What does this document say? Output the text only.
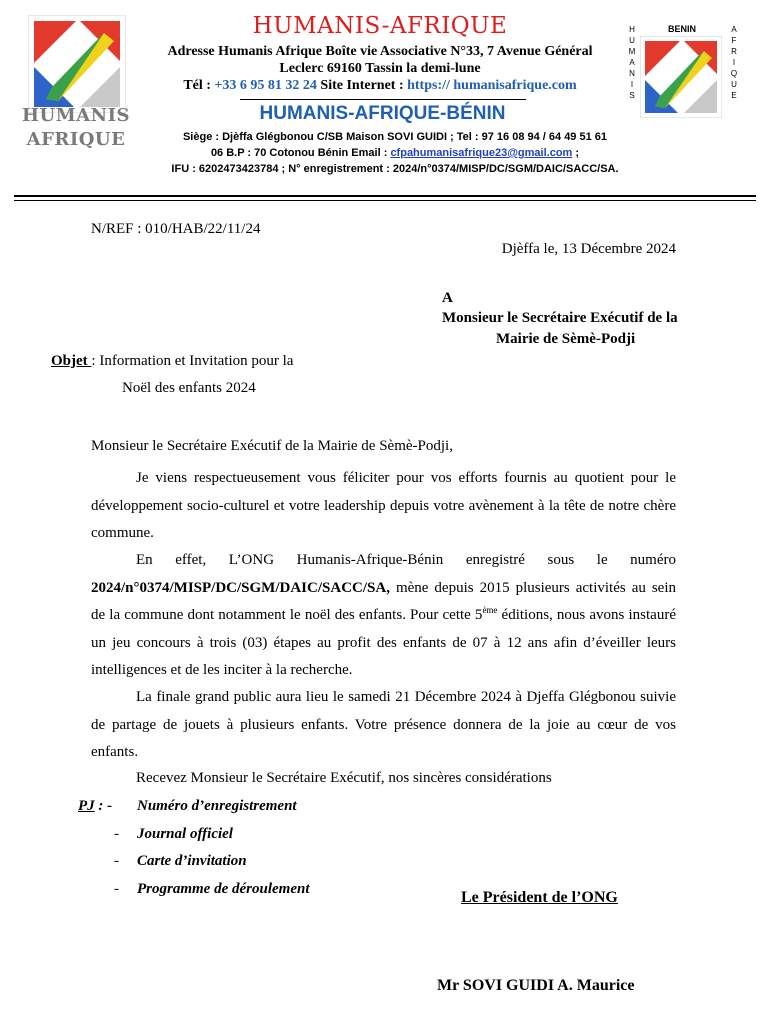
HUMANIS
AFRIQUE
HUMANIS-AFRIQUE
Adresse Humanis Afrique Boîte vie Associative N°33, 7 Avenue Général
Leclerc 69160 Tassin la demi-lune
Tél : +33 6 95 81 32 24 Site Internet : https:// humanisafrique.com
HUMANIS-AFRIQUE-BÉNIN
Siège : Djèffa Glégbonou C/SB Maison SOVI GUIDI ; Tel : 97 16 08 94 / 64 49 51 61
06 B.P : 70 Cotonou Bénin Email : cfpahumanisafrique23@gmail.com ;
IFU : 6202473423784 ; N° enregistrement : 2024/n°0374/MISP/DC/SGM/DAIC/SACC/SA.
H
U
M
A
N
I
S
BENIN	A
F
R
I
Q
U
E
N/REF : 010/HAB/22/11/24
Djèffa le, 13 Décembre 2024
A
Monsieur le Secrétaire Exécutif de la
Mairie de Sèmè-Podji
Objet : Information et Invitation pour la
Noël des enfants 2024
Monsieur le Secrétaire Exécutif de la Mairie de Sèmè-Podji,
Je viens respectueusement vous féliciter pour vos efforts fournis au quotient pour le développement socio-culturel et votre leadership depuis votre avènement à la tête de notre chère commune.
En effet, L’ONG Humanis-Afrique-Bénin enregistré sous le numéro 2024/n°0374/MISP/DC/SGM/DAIC/SACC/SA, mène depuis 2015 plusieurs activités au sein de la commune dont notamment le noël des enfants. Pour cette 5ème éditions, nous avons instauré un jeu concours à trois (03) étapes au profit des enfants de 07 à 12 ans afin d’éveiller leurs intelligences et de les inciter à la recherche.
La finale grand public aura lieu le samedi 21 Décembre 2024 à Djeffa Glégbonou suivie de partage de jouets à plusieurs enfants. Votre présence donnera de la joie au cœur de vos enfants.
Recevez Monsieur le Secrétaire Exécutif, nos sincères considérations
PJ : - Numéro d’enregistrement
- Journal officiel
- Carte d’invitation
- Programme de déroulement	Le Président de l’ONG
Mr SOVI GUIDI A. Maurice
